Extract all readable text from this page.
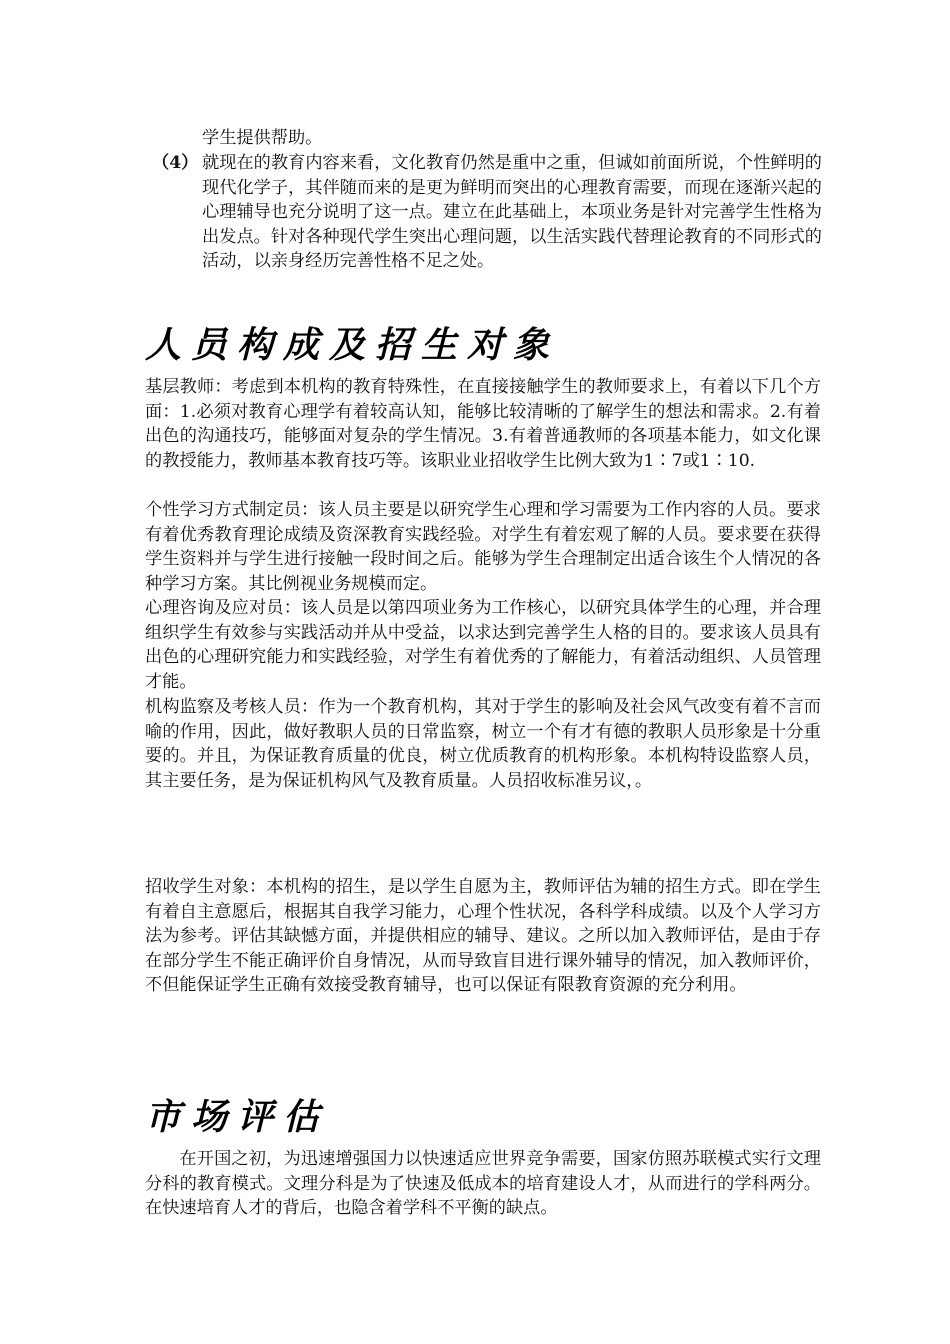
学生提供帮助。

（4） 就现在的教育内容来看，文化教育仍然是重中之重，但诚如前面所说，个性鲜明的现代化学子，其伴随而来的是更为鲜明而突出的心理教育需要，而现在逐渐兴起的心理辅导也充分说明了这一点。建立在此基础上，本项业务是针对完善学生性格为出发点。针对各种现代学生突出心理问题，以生活实践代替理论教育的不同形式的活动，以亲身经历完善性格不足之处。
人员构成及招生对象

基层教师：考虑到本机构的教育特殊性，在直接接触学生的教师要求上，有着以下几个方面：1.必须对教育心理学有着较高认知，能够比较清晰的了解学生的想法和需求。2.有着出色的沟通技巧，能够面对复杂的学生情况。3.有着普通教师的各项基本能力，如文化课的教授能力，教师基本教育技巧等。该职业业招收学生比例大致为1∶7或1∶10.

个性学习方式制定员：该人员主要是以研究学生心理和学习需要为工作内容的人员。要求有着优秀教育理论成绩及资深教育实践经验。对学生有着宏观了解的人员。要求要在获得学生资料并与学生进行接触一段时间之后。能够为学生合理制定出适合该生个人情况的各种学习方案。其比例视业务规模而定。

心理咨询及应对员：该人员是以第四项业务为工作核心，以研究具体学生的心理，并合理组织学生有效参与实践活动并从中受益，以求达到完善学生人格的目的。要求该人员具有出色的心理研究能力和实践经验，对学生有着优秀的了解能力，有着活动组织、人员管理才能。

机构监察及考核人员：作为一个教育机构，其对于学生的影响及社会风气改变有着不言而喻的作用，因此，做好教职人员的日常监察，树立一个有才有德的教职人员形象是十分重要的。并且，为保证教育质量的优良，树立优质教育的机构形象。本机构特设监察人员，其主要任务，是为保证机构风气及教育质量。人员招收标准另议，。

招收学生对象：本机构的招生，是以学生自愿为主，教师评估为辅的招生方式。即在学生有着自主意愿后，根据其自我学习能力，心理个性状况，各科学科成绩。以及个人学习方法为参考。评估其缺憾方面，并提供相应的辅导、建议。之所以加入教师评估，是由于存在部分学生不能正确评价自身情况，从而导致盲目进行课外辅导的情况，加入教师评价，不但能保证学生正确有效接受教育辅导，也可以保证有限教育资源的充分利用。

市场评估

在开国之初，为迅速增强国力以快速适应世界竞争需要，国家仿照苏联模式实行文理分科的教育模式。文理分科是为了快速及低成本的培育建设人才，从而进行的学科两分。在快速培育人才的背后，也隐含着学科不平衡的缺点。
